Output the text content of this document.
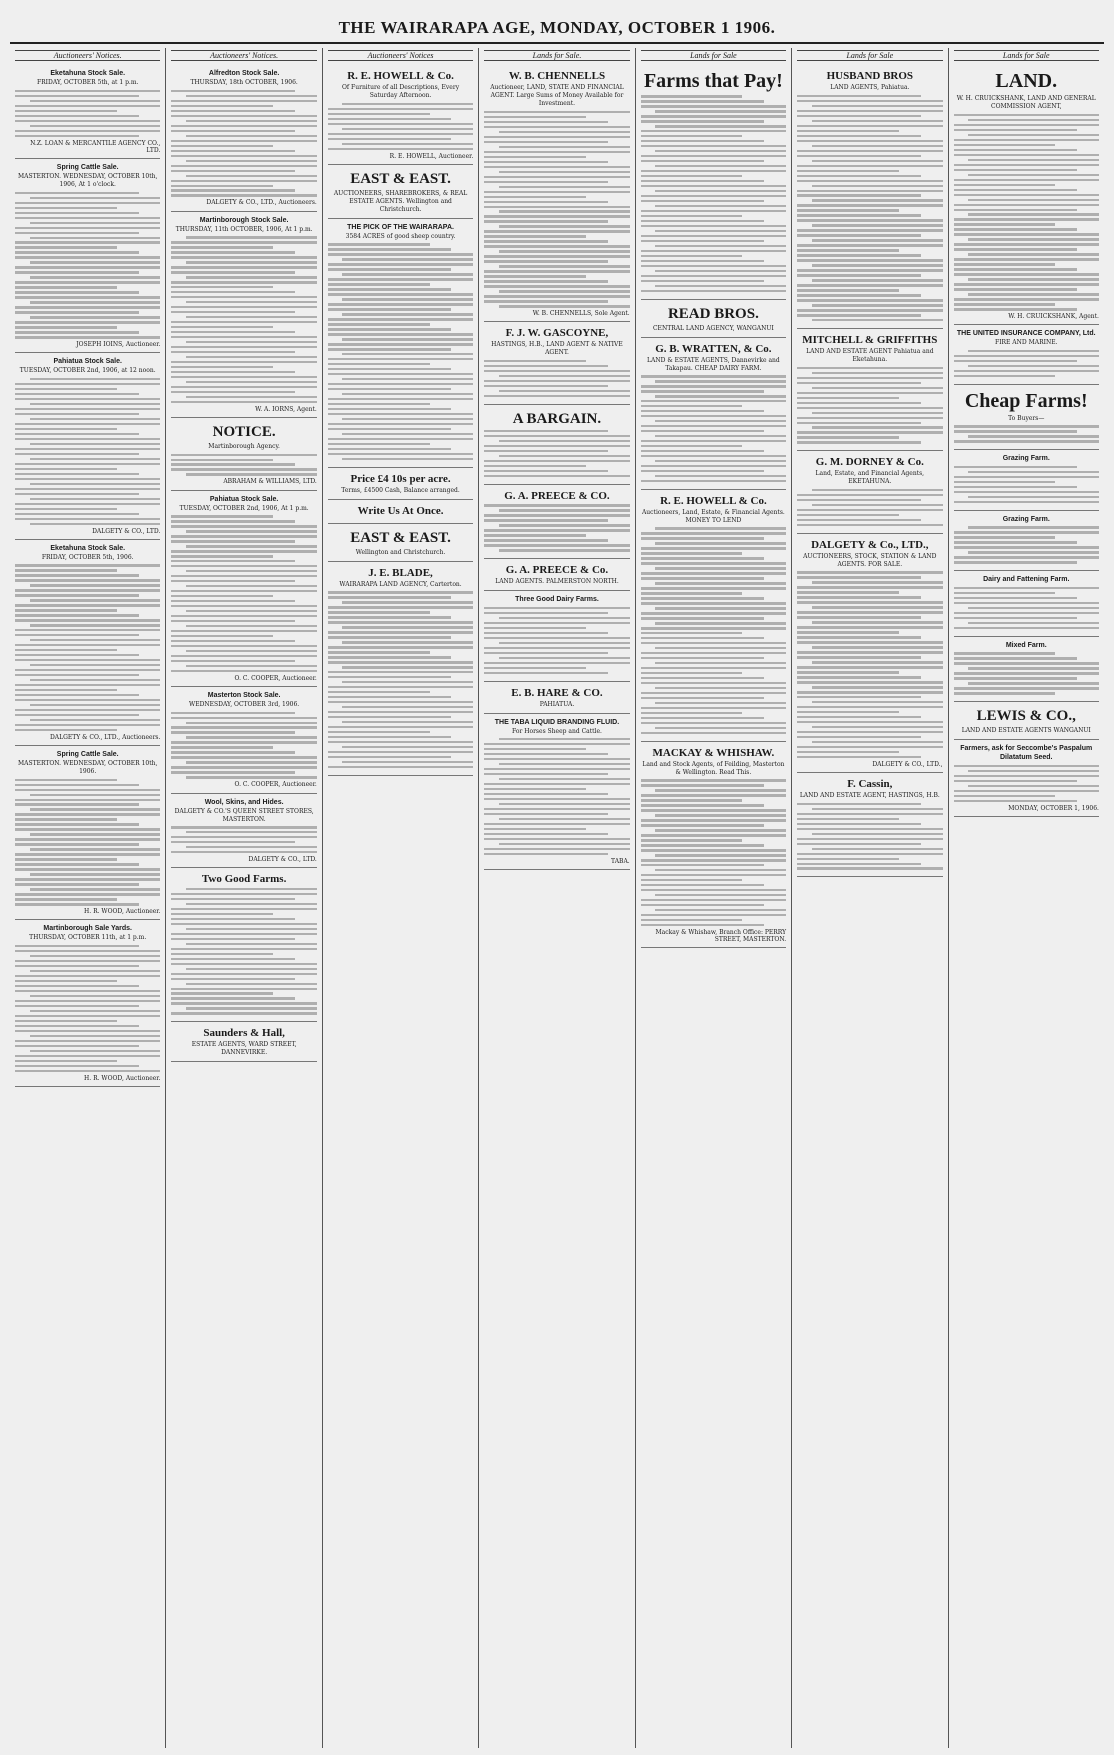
THE WAIRARAPA AGE, MONDAY, OCTOBER 1 1906.
Auctioneers' Notices.
Eketahuna Stock Sale.
FRIDAY, OCTOBER 5th, at 1 p.m.
N.Z. LOAN & MERCANTILE AGENCY CO., LTD.
Spring Cattle Sale.
MASTERTON. WEDNESDAY, OCTOBER 10th, 1906, At 1 o'clock.
JOSEPH IOINS, Auctioneer.
Pahiatua Stock Sale.
TUESDAY, OCTOBER 2nd, 1906, at 12 noon.
DALGETY & CO., LTD.
Eketahuna Stock Sale.
FRIDAY, OCTOBER 5th, 1906.
DALGETY & CO., LTD., Auctioneers.
Spring Cattle Sale.
MASTERTON. WEDNESDAY, OCTOBER 10th, 1906.
H. R. WOOD, Auctioneer.
Martinborough Sale Yards.
THURSDAY, OCTOBER 11th, at 1 p.m.
H. R. WOOD, Auctioneer.
Auctioneers' Notices.
Alfredton Stock Sale.
THURSDAY, 18th OCTOBER, 1906.
DALGETY & CO., LTD., Auctioneers.
Martinborough Stock Sale.
THURSDAY, 11th OCTOBER, 1906, At 1 p.m.
W. A. IORNS, Agent.
NOTICE.
Martinborough Agency.
ABRAHAM & WILLIAMS, LTD.
Pahiatua Stock Sale.
TUESDAY, OCTOBER 2nd, 1906, At 1 p.m.
O. C. COOPER, Auctioneer.
Masterton Stock Sale.
WEDNESDAY, OCTOBER 3rd, 1906.
O. C. COOPER, Auctioneer.
Wool, Skins, and Hides.
DALGETY & CO.'S QUEEN STREET STORES, MASTERTON.
DALGETY & CO., LTD.
Two Good Farms.
Saunders & Hall,
ESTATE AGENTS, WARD STREET, DANNEVIRKE.
Auctioneers' Notices
R. E. HOWELL & Co.
Of Furniture of all Descriptions, Every Saturday Afternoon.
R. E. HOWELL, Auctioneer.
EAST & EAST.
AUCTIONEERS, SHAREBROKERS, & REAL ESTATE AGENTS. Wellington and Christchurch.
THE PICK OF THE WAIRARAPA.
3584 ACRES of good sheep country.
Price £4 10s per acre.
Terms, £4500 Cash, Balance arranged.
Write Us At Once.
EAST & EAST.
Wellington and Christchurch.
J. E. BLADE,
WAIRARAPA LAND AGENCY, Carterton.
Lands for Sale.
W. B. CHENNELLS
Auctioneer, LAND, STATE AND FINANCIAL AGENT. Large Sums of Money Available for Investment.
W. B. CHENNELLS, Sole Agent.
F. J. W. GASCOYNE,
HASTINGS, H.B., LAND AGENT & NATIVE AGENT.
A BARGAIN.
G. A. PREECE & CO.
G. A. PREECE & Co.
LAND AGENTS. PALMERSTON NORTH.
Three Good Dairy Farms.
E. B. HARE & CO.
PAHIATUA.
THE TABA LIQUID BRANDING FLUID.
For Horses Sheep and Cattle.
TABA.
Lands for Sale
Farms that Pay!
READ BROS.
CENTRAL LAND AGENCY, WANGANUI
G. B. WRATTEN, & Co.
LAND & ESTATE AGENTS, Dannevirke and Takapau. CHEAP DAIRY FARM.
R. E. HOWELL & Co.
Auctioneers, Land, Estate, & Financial Agents. MONEY TO LEND
MACKAY & WHISHAW.
Land and Stock Agents, of Feilding, Masterton & Wellington. Read This.
Mackay & Whishaw, Branch Office: PERRY STREET, MASTERTON.
Lands for Sale
HUSBAND BROS
LAND AGENTS, Pahiatua.
MITCHELL & GRIFFITHS
LAND AND ESTATE AGENT Pahiatua and Eketahuna.
G. M. DORNEY & Co.
Land, Estate, and Financial Agents, EKETAHUNA.
DALGETY & Co., LTD.,
AUCTIONEERS, STOCK, STATION & LAND AGENTS. FOR SALE.
DALGETY & CO., LTD.,
F. Cassin,
LAND AND ESTATE AGENT, HASTINGS, H.B.
Lands for Sale
LAND.
W. H. CRUICKSHANK, LAND AND GENERAL COMMISSION AGENT,
W. H. CRUICKSHANK, Agent.
THE UNITED INSURANCE COMPANY, Ltd.
FIRE AND MARINE.
Cheap Farms!
To Buyers—
Grazing Farm.
Grazing Farm.
Dairy and Fattening Farm.
Mixed Farm.
LEWIS & CO.,
LAND AND ESTATE AGENTS WANGANUI
Farmers, ask for Seccombe's Paspalum Dilatatum Seed.
MONDAY, OCTOBER 1, 1906.
